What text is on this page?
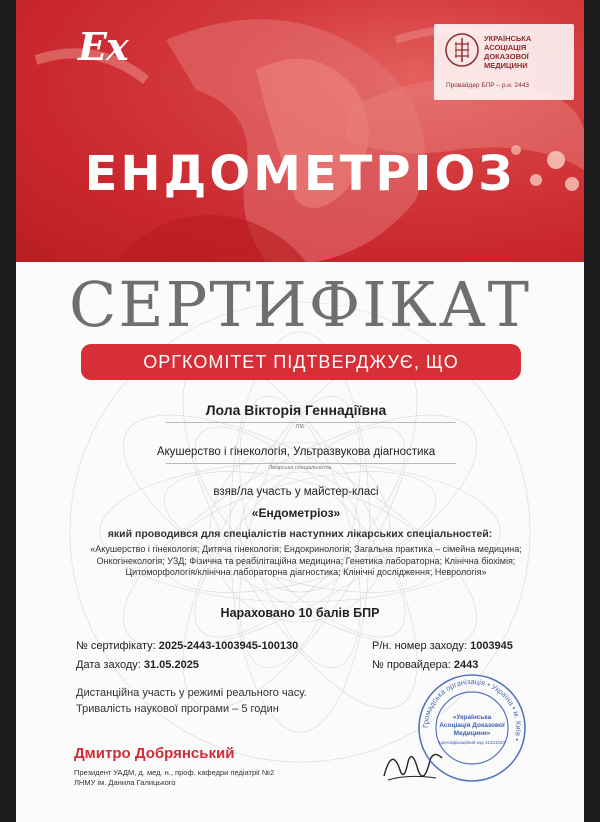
Ex	УКРАЇНСЬКА
АСОЦІАЦІЯ
ДОКАЗОВОЇ
МЕДИЦИНИ
Провайдер БПР – р.н. 2443
ЕНДОМЕТРІОЗ
СЕРТИФІКАТ
ОРГКОМІТЕТ ПІДТВЕРДЖУЄ, ЩО
Лола Вікторія Геннадіївна
ПІБ
Акушерство і гінекологія, Ультразвукова діагностика
Лікарська спеціальність
взяв/ла участь у майстер-класі
«Ендометріоз»
який проводився для спеціалістів наступних лікарських спеціальностей:
«Акушерство і гінекологія; Дитяча гінекологія; Ендокринологія; Загальна практика – сімейна медицина;
Онкогінекологія; УЗД; Фізична та реабілітаційна медицина; Генетика лабораторна; Клінічна біохімія;
Цитоморфологія/клінічна лабораторна діагностика; Клінічні дослідження; Неврологія»
Нараховано 10 балів БПР
№ сертифікату: 2025-2443-1003945-100130	Р/н. номер заходу: 1003945
Дата заходу: 31.05.2025	№ провайдера: 2443
Дистанційна участь у режимі реального часу.
Тривалість наукової програми – 5 годин
Дмитро Добрянський
Президент УАДМ, д. мед. н., проф. кафедри педіатрії №2
ЛНМУ ім. Данила Галицького
Громадська організація • Україна • м. Київ •
«Українська
Асоціація Доказової
Медицини»
Ідентифікаційний код 41251034
